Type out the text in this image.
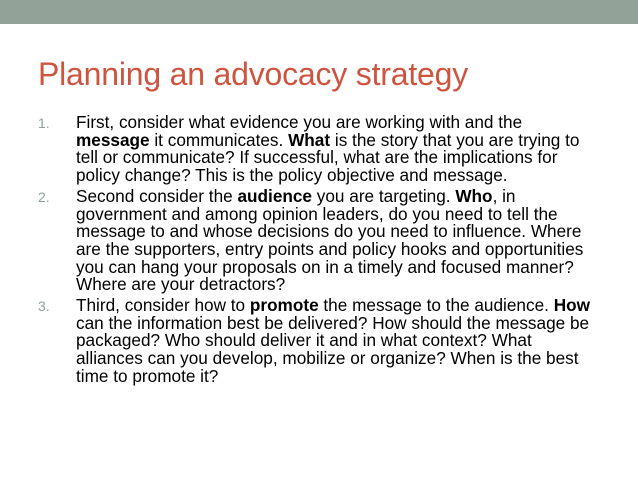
Planning an advocacy strategy
1. First, consider what evidence you are working with and the message it communicates. What is the story that you are trying to tell or communicate? If successful, what are the implications for policy change? This is the policy objective and message.
2. Second consider the audience you are targeting. Who, in government and among opinion leaders, do you need to tell the message to and whose decisions do you need to influence. Where are the supporters, entry points and policy hooks and opportunities you can hang your proposals on in a timely and focused manner? Where are your detractors?
3. Third, consider how to promote the message to the audience. How can the information best be delivered? How should the message be packaged? Who should deliver it and in what context? What alliances can you develop, mobilize or organize? When is the best time to promote it?
